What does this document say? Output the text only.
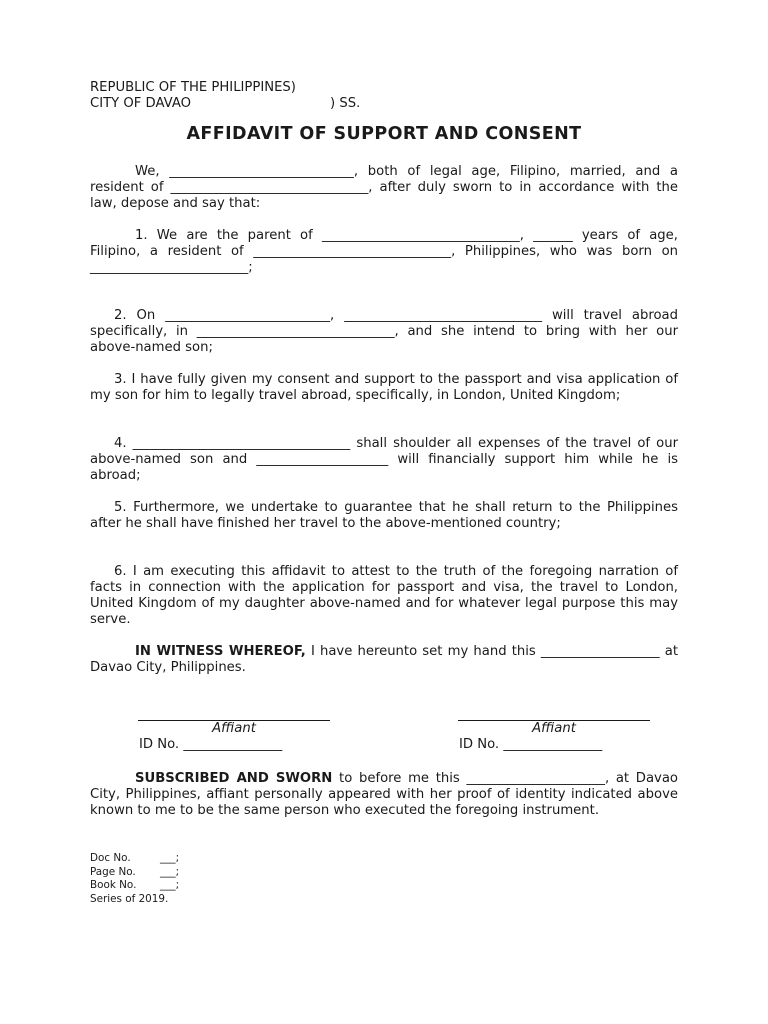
REPUBLIC OF THE PHILIPPINES)
CITY OF DAVAO	) SS.
AFFIDAVIT OF SUPPORT AND CONSENT
We, ____________________________, both of legal age, Filipino, married, and a resident of ______________________________, after duly sworn to in accordance with the law, depose and say that:
1. We are the parent of ______________________________, ______ years of age, Filipino, a resident of ______________________________, Philippines, who was born on ________________________;
2. On _________________________, ______________________________ will travel abroad specifically, in ______________________________, and she intend to bring with her our above-named son;
3. I have fully given my consent and support to the passport and visa application of my son for him to legally travel abroad, specifically, in London, United Kingdom;
4. _________________________________ shall shoulder all expenses of the travel of our above-named son and ____________________ will financially support him while he is abroad;
5. Furthermore, we undertake to guarantee that he shall return to the Philippines after he shall have finished her travel to the above-mentioned country;
6. I am executing this affidavit to attest to the truth of the foregoing narration of facts in connection with the application for passport and visa, the travel to London, United Kingdom of my daughter above-named and for whatever legal purpose this may serve.
IN WITNESS WHEREOF, I have hereunto set my hand this __________________ at Davao City, Philippines.
Affiant
ID No. _______________
Affiant
ID No. _______________
SUBSCRIBED AND SWORN to before me this _____________________, at Davao City, Philippines, affiant personally appeared with her proof of identity indicated above known to me to be the same person who executed the foregoing instrument.
Doc No.	___;
Page No.	___;
Book No.	___;
Series of 2019.
